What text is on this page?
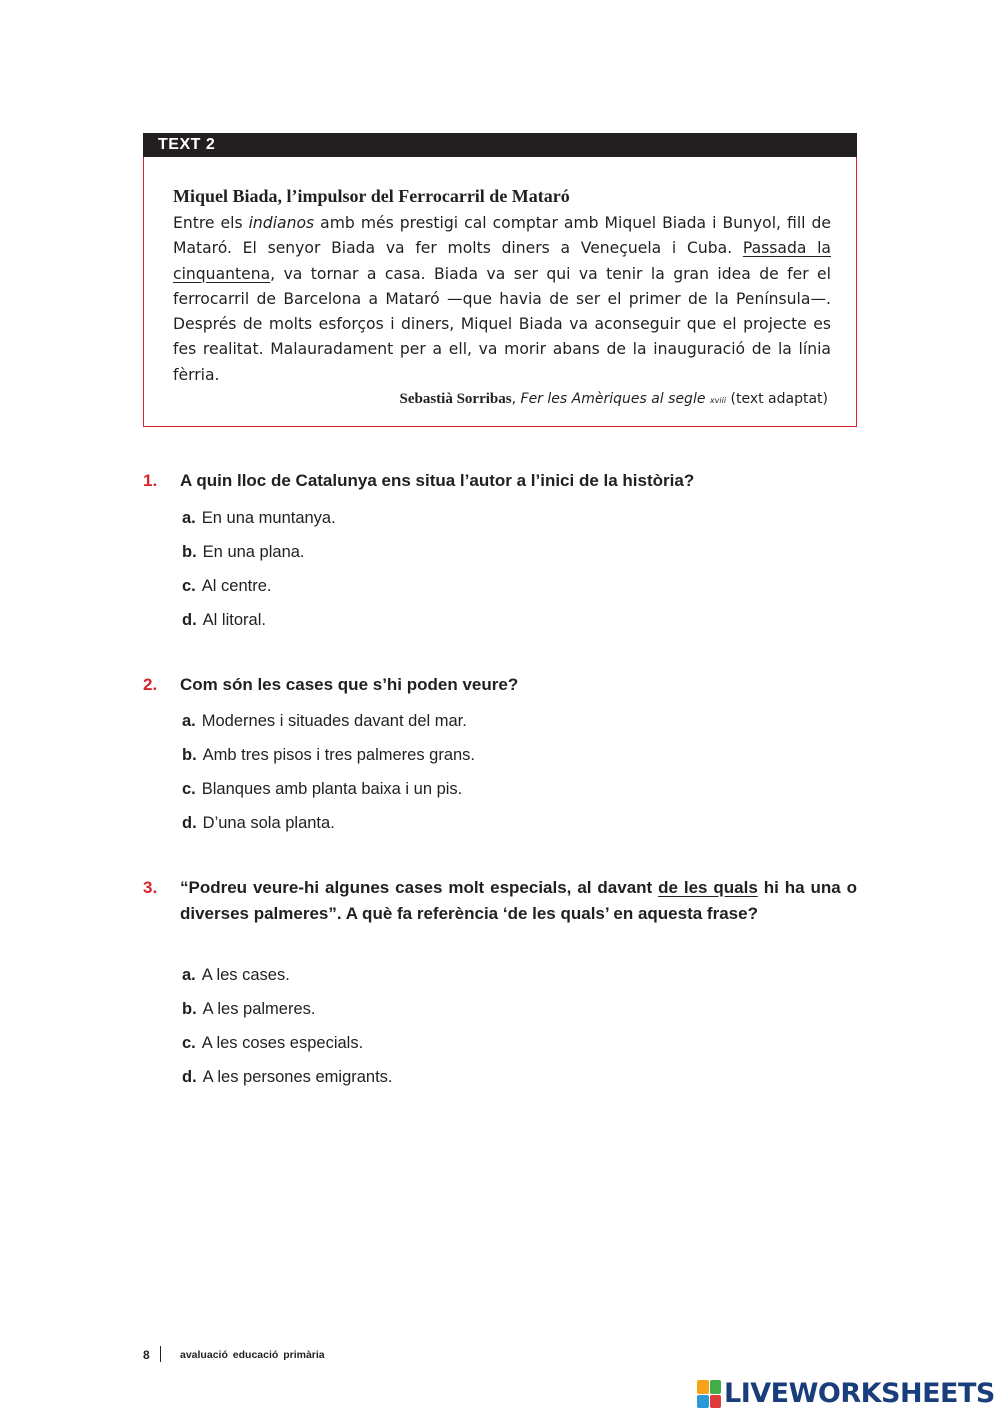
TEXT 2
Miquel Biada, l’impulsor del Ferrocarril de Mataró
Entre els indianos amb més prestigi cal comptar amb Miquel Biada i Bunyol, fill de Mataró. El senyor Biada va fer molts diners a Veneçuela i Cuba. Passada la cinquantena, va tornar a casa. Biada va ser qui va tenir la gran idea de fer el ferrocarril de Barcelona a Mataró —que havia de ser el primer de la Península—. Després de molts esforços i diners, Miquel Biada va aconseguir que el projecte es fes realitat. Malauradament per a ell, va morir abans de la inauguració de la línia fèrria.
Sebastià Sorribas, Fer les Amèriques al segle xviii (text adaptat)
1. A quin lloc de Catalunya ens situa l’autor a l’inici de la història?
a. En una muntanya.
b. En una plana.
c. Al centre.
d. Al litoral.
2. Com són les cases que s’hi poden veure?
a. Modernes i situades davant del mar.
b. Amb tres pisos i tres palmeres grans.
c. Blanques amb planta baixa i un pis.
d. D’una sola planta.
3. “Podreu veure-hi algunes cases molt especials, al davant de les quals hi ha una o diverses palmeres”. A què fa referència ‘de les quals’ en aquesta frase?
a. A les cases.
b. A les palmeres.
c. A les coses especials.
d. A les persones emigrants.
8	avaluació educació primària
LIVEWORKSHEETS
